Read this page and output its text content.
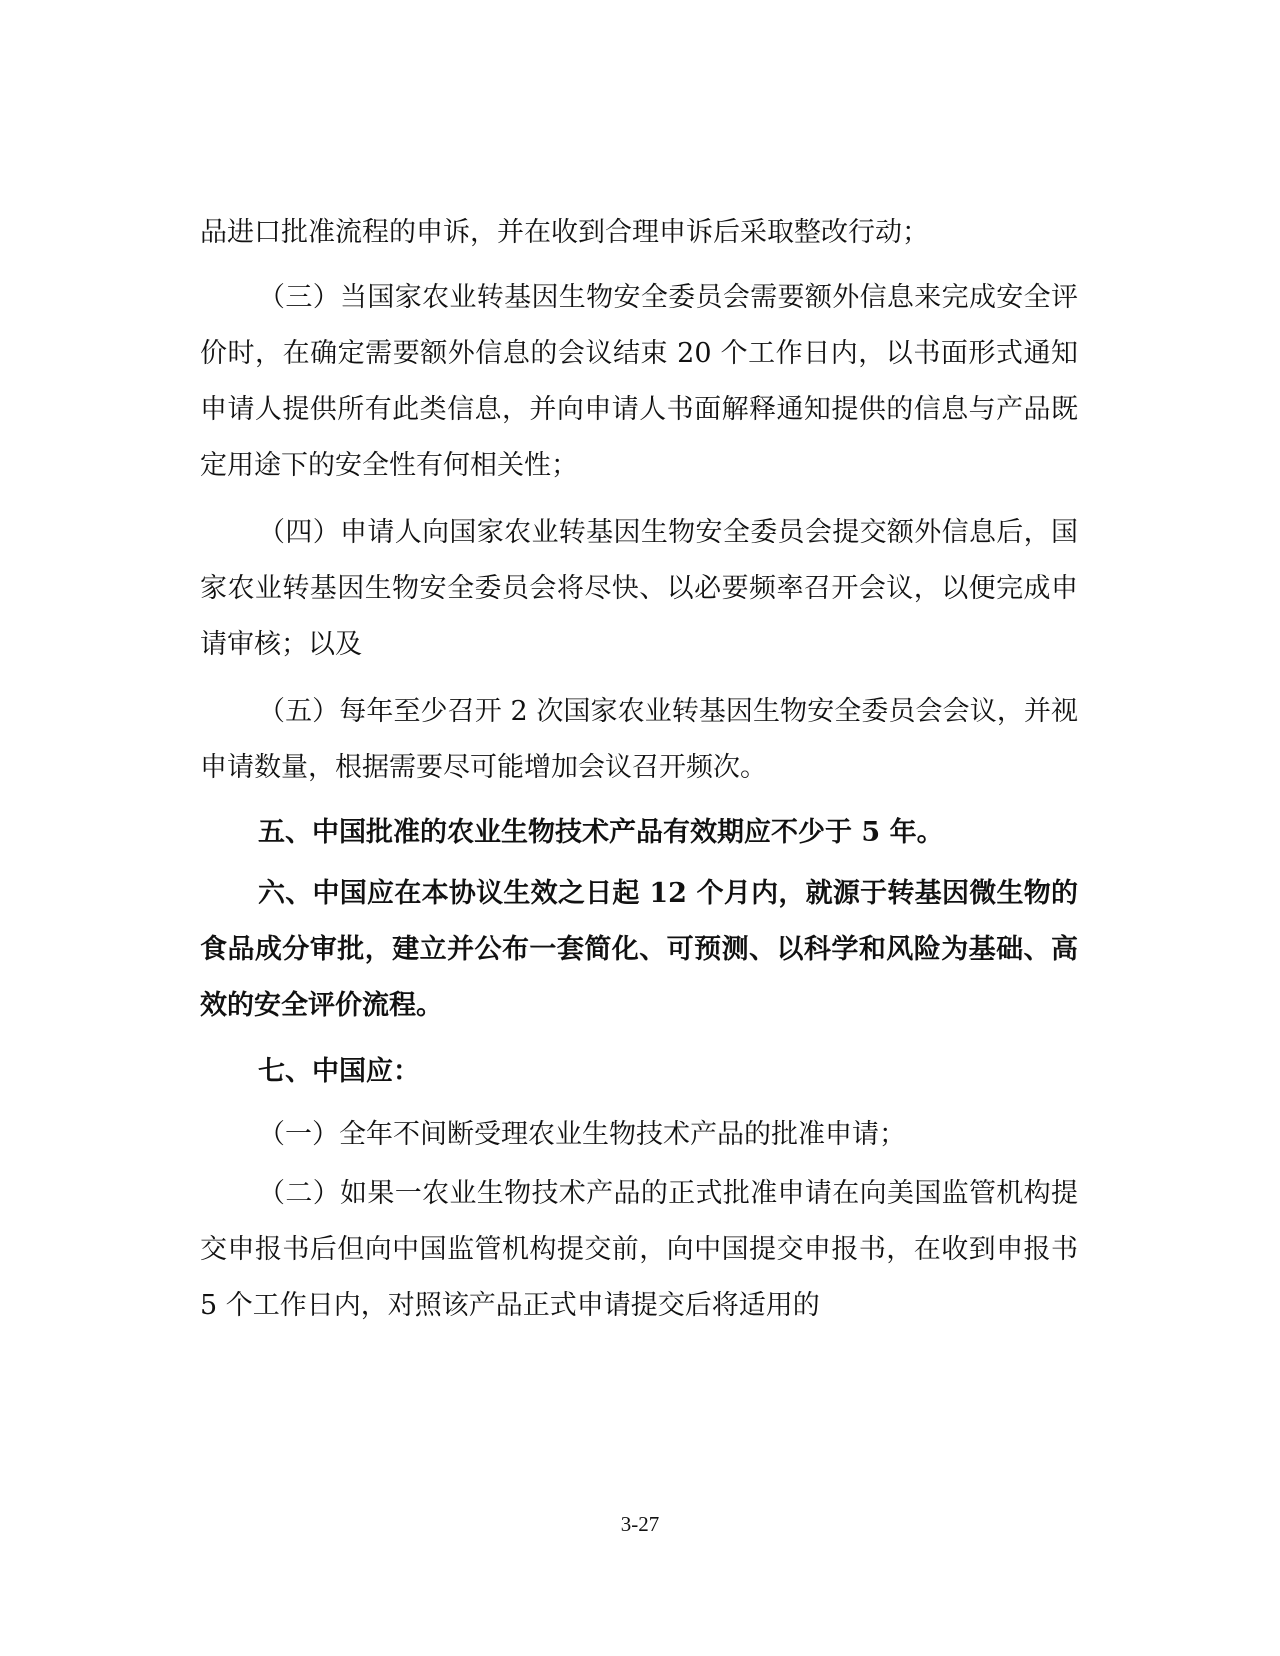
品进口批准流程的申诉，并在收到合理申诉后采取整改行动；

（三）当国家农业转基因生物安全委员会需要额外信息来完成安全评价时，在确定需要额外信息的会议结束 20 个工作日内，以书面形式通知申请人提供所有此类信息，并向申请人书面解释通知提供的信息与产品既定用途下的安全性有何相关性；

（四）申请人向国家农业转基因生物安全委员会提交额外信息后，国家农业转基因生物安全委员会将尽快、以必要频率召开会议，以便完成申请审核；以及

（五）每年至少召开 2 次国家农业转基因生物安全委员会会议，并视申请数量，根据需要尽可能增加会议召开频次。

五、中国批准的农业生物技术产品有效期应不少于 5 年。

六、中国应在本协议生效之日起 12 个月内，就源于转基因微生物的食品成分审批，建立并公布一套简化、可预测、以科学和风险为基础、高效的安全评价流程。

七、中国应：

（一）全年不间断受理农业生物技术产品的批准申请；

（二）如果一农业生物技术产品的正式批准申请在向美国监管机构提交申报书后但向中国监管机构提交前，向中国提交申报书，在收到申报书 5 个工作日内，对照该产品正式申请提交后将适用的

3-27
